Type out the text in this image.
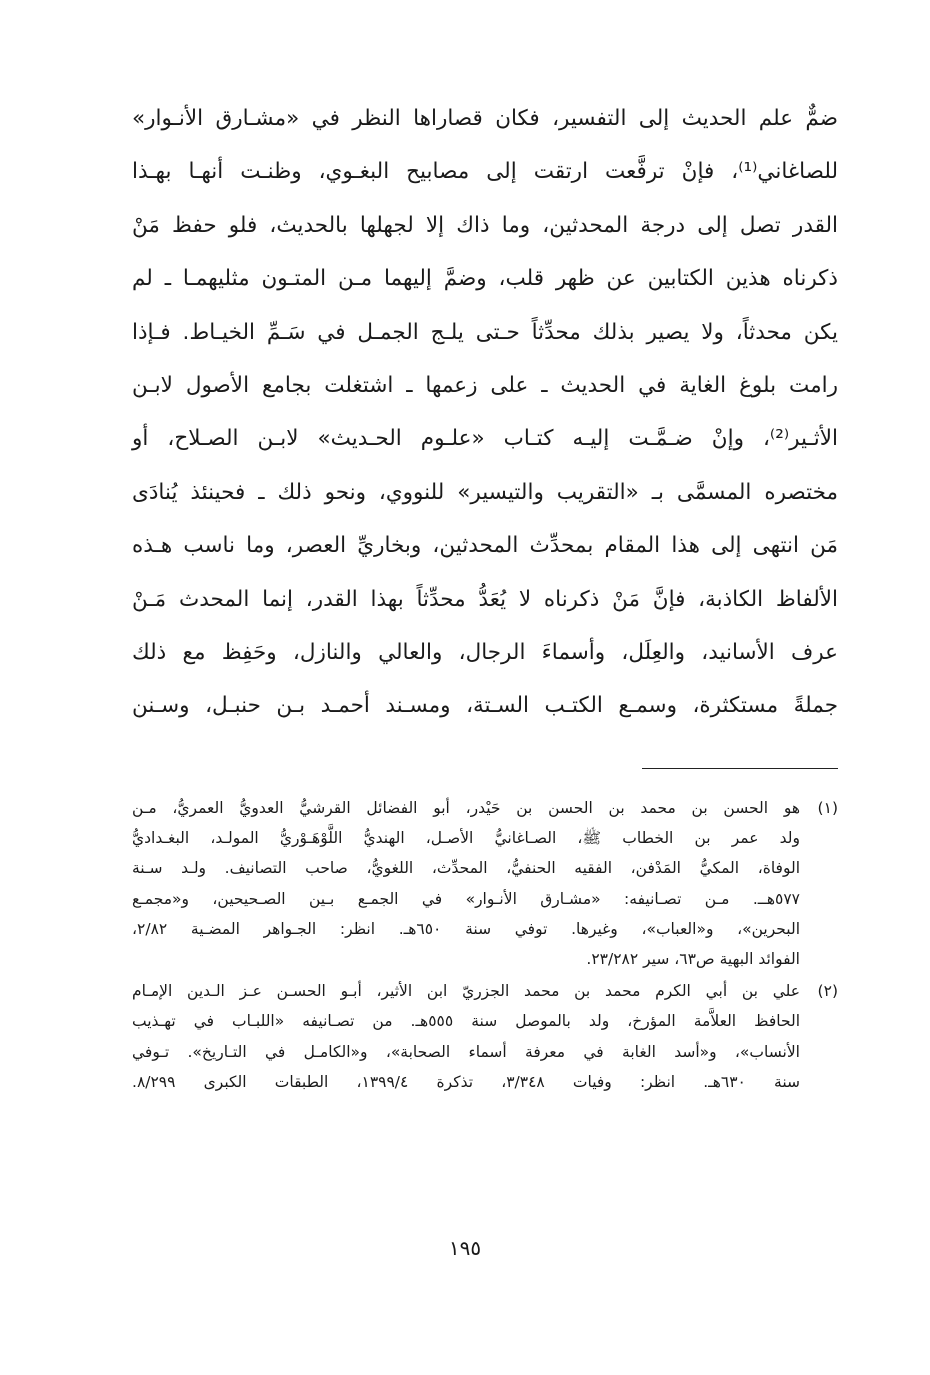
ضمٌّ علم الحديث إلى التفسير، فكان قصاراها النظر في «مشـارق الأنـوار»
للصاغاني⁽¹⁾، فإنْ ترفَّعت ارتقت إلى مصابيح البغـوي، وظنـت أنهـا بهـذا
القدر تصل إلى درجة المحدثين، وما ذاك إلا لجهلها بالحديث، فلو حفظ مَنْ
ذكرناه هذين الكتابين عن ظهر قلب، وضمَّ إليهما مـن المتـون مثليهمـا ـ لم
يكن محدثاً، ولا يصير بذلك محدِّثاً حـتى يلـج الجمـل في سَـمِّ الخيـاط. فـإذا
رامت بلوغ الغاية في الحديث ـ على زعمها ـ اشتغلت بجامع الأصول لابـن
الأثـير⁽²⁾، وإنْ ضـمَّـت إليـه كتـاب «علـوم الحـديث» لابـن الصـلاح، أو
مختصره المسمَّى بـ «التقريب والتيسير» للنووي، ونحو ذلك ـ فحينئذ يُنادَى
مَن انتهى إلى هذا المقام بمحدِّث المحدثين، وبخاريِّ العصر، وما ناسب هـذه
الألفاظ الكاذبة، فإنَّ مَنْ ذكرناه لا يُعَدُّ محدِّثاً بهذا القدر، إنما المحدث مَـنْ
عرف الأسانيد، والعِلَل، وأسماءَ الرجال، والعالي والنازل، وحَفِظ مع ذلك
جملةً مستكثرة، وسمـع الكتـب السـتة، ومسـند أحمـد بـن حنبـل، وسـنن
(١)
هو الحسن بن محمد بن الحسن بن حَيْدر، أبو الفضائل القرشيُّ العدويُّ العمريُّ، مـن
ولد عمر بن الخطاب ﷺ، الصـاغانيُّ الأصـل، الهنديُّ اللَّوْهَـوْريُّ المولـد، البغـداديُّ
الوفاة، المكيُّ المَدْفن، الفقيه الحنفيُّ، المحدِّث، اللغويُّ، صاحب التصانيف. ولـد سـنة
٥٧٧هــ. مـن تصـانيفه: «مشـارق الأنـوار» في الجمـع بـين الصـحيحين، و«مجمـع
البحرين»، و«العباب»، وغيرها. توفي سنة ٦٥٠هـ. انظر: الجـواهر المضـية ٢/٨٢،
الفوائد البهية ص٦٣، سير ٢٣/٢٨٢.
(٢)
علي بن أبي الكرم محمد بن محمد الجزريّ ابن الأثير، أبـو الحسـن عـز الـدين الإمـام
الحافظ العلاَّمة المؤرخ، ولد بالموصل سنة ٥٥٥هـ. من تصـانيفه «اللبـاب في تهـذيب
الأنساب»، و«أسد الغابة في معرفة أسماء الصحابة»، و«الكامـل في التـاريخ». تـوفي
سنة ٦٣٠هـ. انظر: وفيات ٣/٣٤٨، تذكرة ١٣٩٩/٤، الطبقات الكبرى ٨/٢٩٩.
١٩٥
